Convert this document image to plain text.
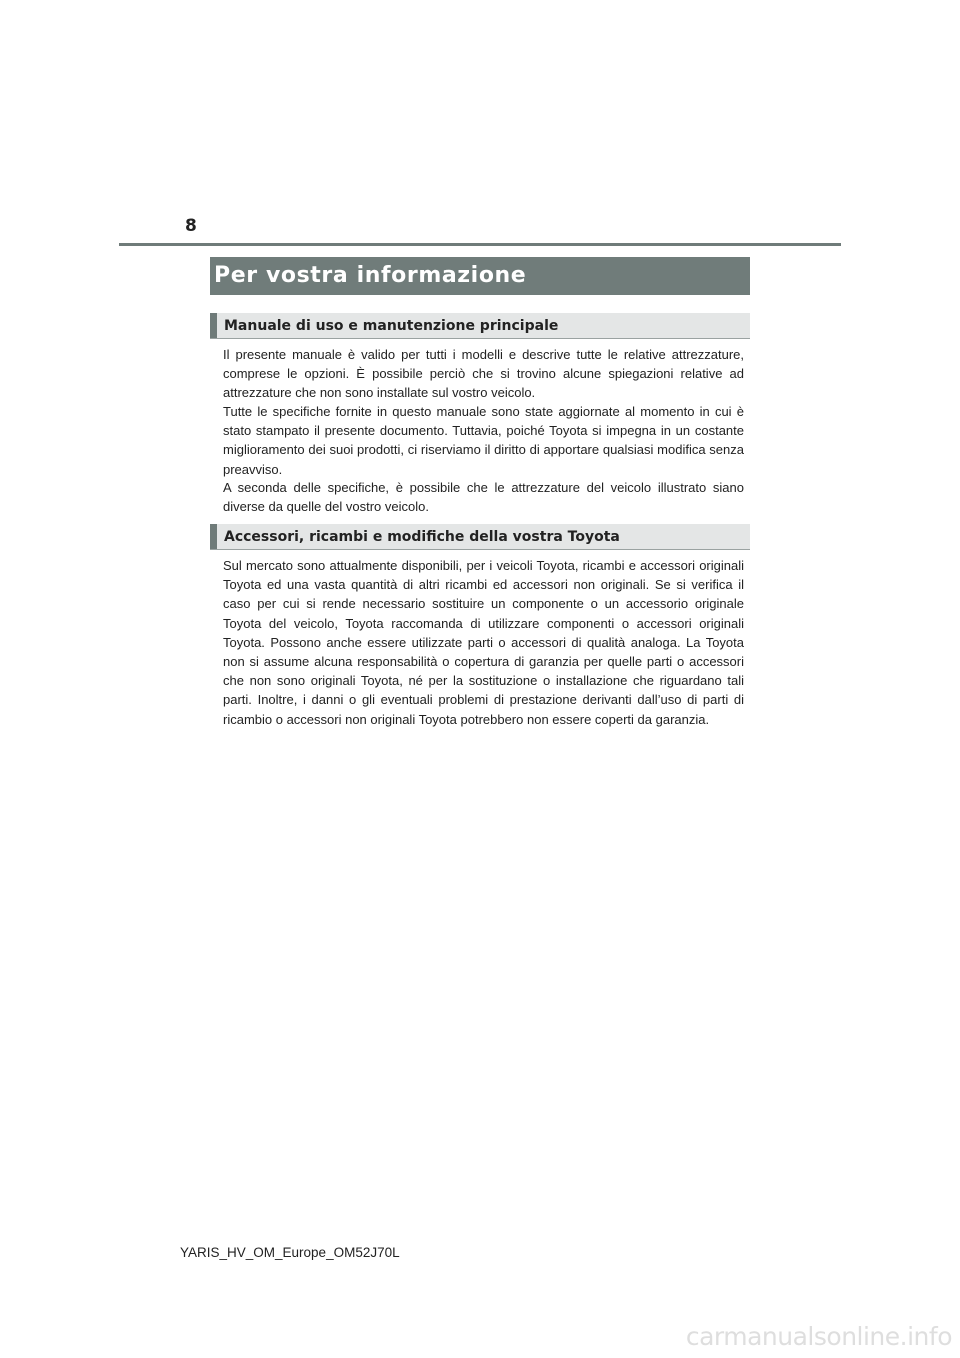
8
Per vostra informazione
Manuale di uso e manutenzione principale

Il presente manuale è valido per tutti i modelli e descrive tutte le relative attrezzature, comprese le opzioni. È possibile perciò che si trovino alcune spiegazioni relative ad attrezzature che non sono installate sul vostro veicolo.

Tutte le specifiche fornite in questo manuale sono state aggiornate al momento in cui è stato stampato il presente documento. Tuttavia, poiché Toyota si impegna in un costante miglioramento dei suoi prodotti, ci riserviamo il diritto di apportare qualsiasi modifica senza preavviso.

A seconda delle specifiche, è possibile che le attrezzature del veicolo illustrato siano diverse da quelle del vostro veicolo.

Accessori, ricambi e modifiche della vostra Toyota

Sul mercato sono attualmente disponibili, per i veicoli Toyota, ricambi e accessori originali Toyota ed una vasta quantità di altri ricambi ed accessori non originali. Se si verifica il caso per cui si rende necessario sostituire un componente o un accessorio originale Toyota del veicolo, Toyota raccomanda di utilizzare componenti o accessori originali Toyota. Possono anche essere utilizzate parti o accessori di qualità analoga. La Toyota non si assume alcuna responsabilità o copertura di garanzia per quelle parti o accessori che non sono originali Toyota, né per la sostituzione o installazione che riguardano tali parti. Inoltre, i danni o gli eventuali problemi di prestazione derivanti dall’uso di parti di ricambio o accessori non originali Toyota potrebbero non essere coperti da garanzia.

YARIS_HV_OM_Europe_OM52J70L
carmanualsonline.info
